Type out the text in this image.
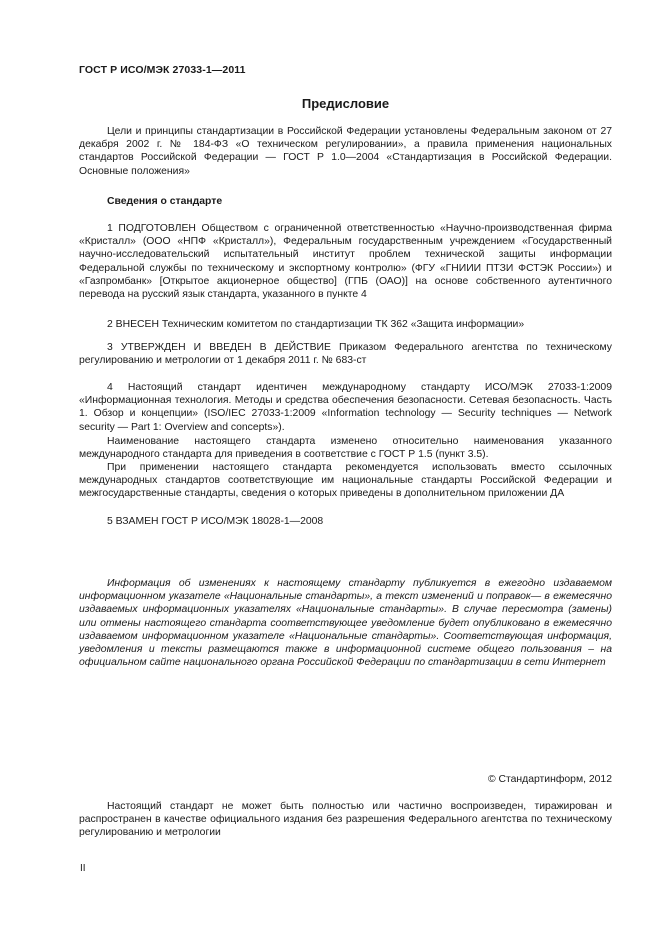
ГОСТ Р ИСО/МЭК 27033-1—2011
Предисловие

Цели и принципы стандартизации в Российской Федерации установлены Федеральным законом от 27 декабря 2002 г. № 184-ФЗ «О техническом регулировании», а правила применения национальных стандартов Российской Федерации — ГОСТ Р 1.0—2004 «Стандартизация в Российской Федерации. Основные положения»

Сведения о стандарте

1 ПОДГОТОВЛЕН Обществом с ограниченной ответственностью «Научно-производственная фирма «Кристалл» (ООО «НПФ «Кристалл»), Федеральным государственным учреждением «Государственный научно-исследовательский испытательный институт проблем технической защиты информации Федеральной службы по техническому и экспортному контролю» (ФГУ «ГНИИИ ПТЗИ ФСТЭК России») и «Газпромбанк» [Открытое акционерное общество] (ГПБ (ОАО)] на основе собственного аутентичного перевода на русский язык стандарта, указанного в пункте 4

2 ВНЕСЕН Техническим комитетом по стандартизации ТК 362 «Защита информации»

3 УТВЕРЖДЕН И ВВЕДЕН В ДЕЙСТВИЕ Приказом Федерального агентства по техническому регулированию и метрологии от 1 декабря 2011 г. № 683-ст

4 Настоящий стандарт идентичен международному стандарту ИСО/МЭК 27033-1:2009 «Информационная технология. Методы и средства обеспечения безопасности. Сетевая безопасность. Часть 1. Обзор и концепции» (ISO/IEC 27033-1:2009 «Information technology — Security techniques — Network security — Part 1: Overview and concepts»).

Наименование настоящего стандарта изменено относительно наименования указанного международного стандарта для приведения в соответствие с ГОСТ Р 1.5 (пункт 3.5).

При применении настоящего стандарта рекомендуется использовать вместо ссылочных международных стандартов соответствующие им национальные стандарты Российской Федерации и межгосударственные стандарты, сведения о которых приведены в дополнительном приложении ДА

5 ВЗАМЕН ГОСТ Р ИСО/МЭК 18028-1—2008

Информация об изменениях к настоящему стандарту публикуется в ежегодно издаваемом информационном указателе «Национальные стандарты», а текст изменений и поправок— в ежемесячно издаваемых информационных указателях «Национальные стандарты». В случае пересмотра (замены) или отмены настоящего стандарта соответствующее уведомление будет опубликовано в ежемесячно издаваемом информационном указателе «Национальные стандарты». Соответствующая информация, уведомления и тексты размещаются также в информационной системе общего пользования – на официальном сайте национального органа Российской Федерации по стандартизации в сети Интернет

© Стандартинформ, 2012

Настоящий стандарт не может быть полностью или частично воспроизведен, тиражирован и распространен в качестве официального издания без разрешения Федерального агентства по техническому регулированию и метрологии

II
